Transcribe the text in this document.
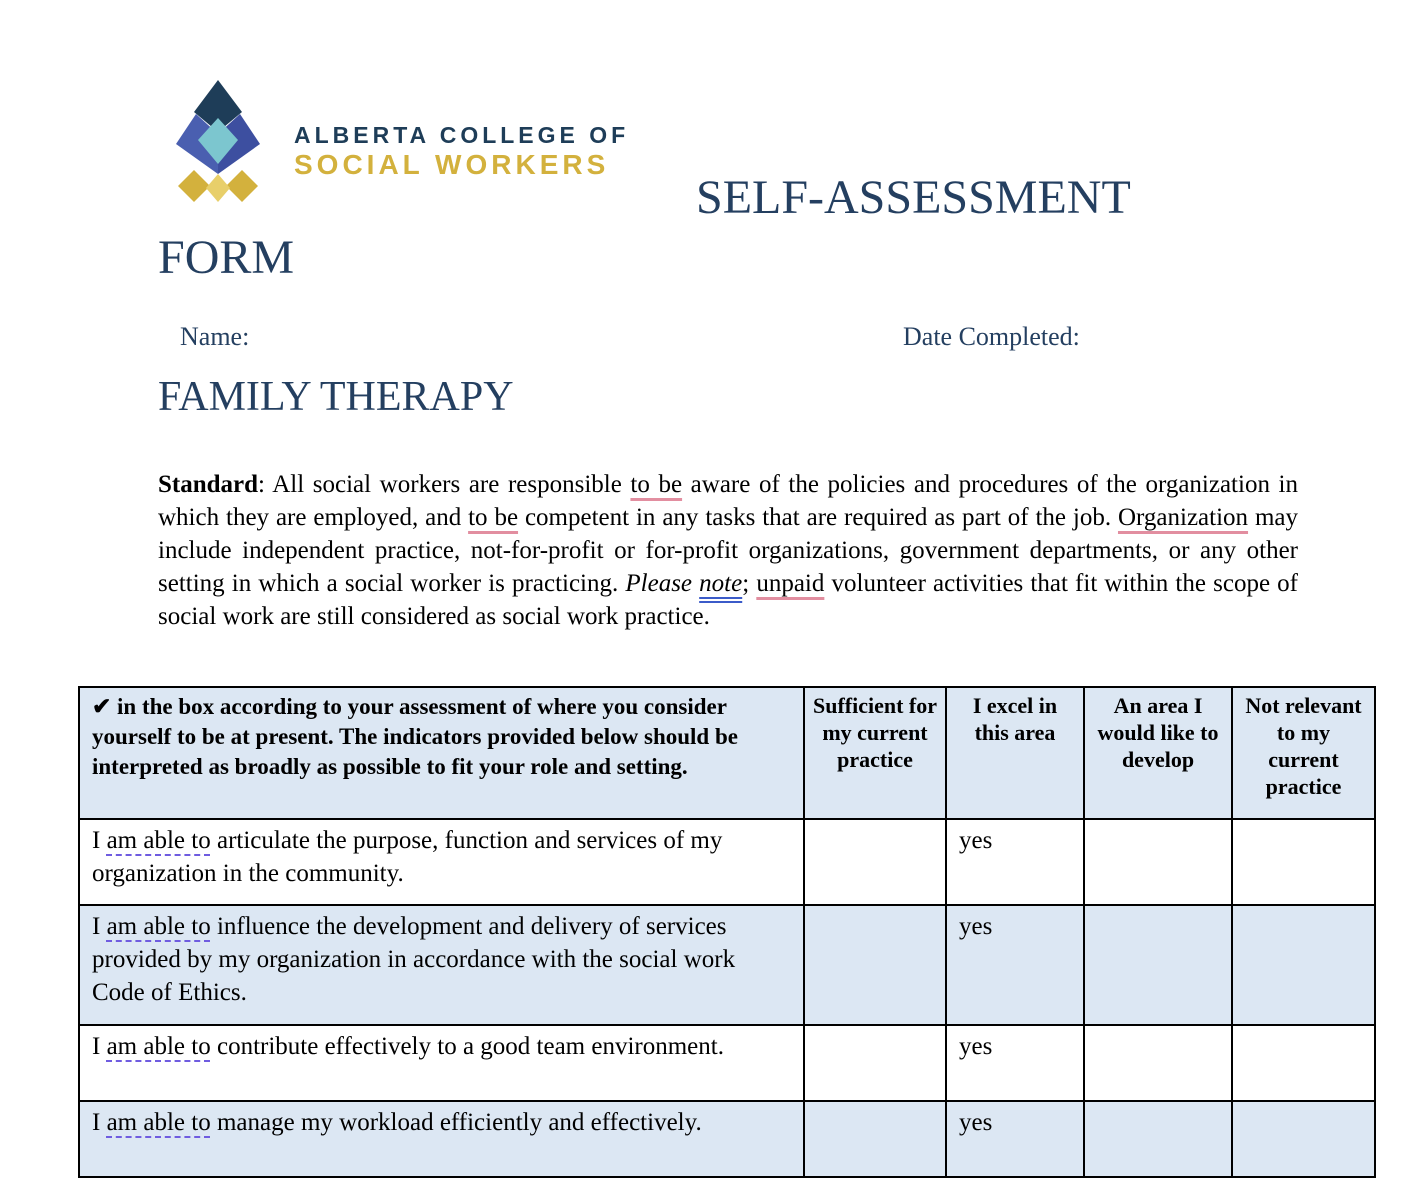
ALBERTA COLLEGE OF
SOCIAL WORKERS
SELF-ASSESSMENT
FORM
Name:	Date Completed:
FAMILY THERAPY
Standard: All social workers are responsible to be aware of the policies and procedures of the organization in which they are employed, and to be competent in any tasks that are required as part of the job. Organization may include independent practice, not-for-profit or for-profit organizations, government departments, or any other setting in which a social worker is practicing. Please note; unpaid volunteer activities that fit within the scope of social work are still considered as social work practice.
✔ in the box according to your assessment of where you consider yourself to be at present. The indicators provided below should be interpreted as broadly as possible to fit your role and setting.	Sufficient for my current practice	I excel in this area	An area I would like to develop	Not relevant to my current practice
I am able to articulate the purpose, function and services of my organization in the community.		yes		
I am able to influence the development and delivery of services provided by my organization in accordance with the social work Code of Ethics.		yes		
I am able to contribute effectively to a good team environment.		yes		
I am able to manage my workload efficiently and effectively.		yes		
